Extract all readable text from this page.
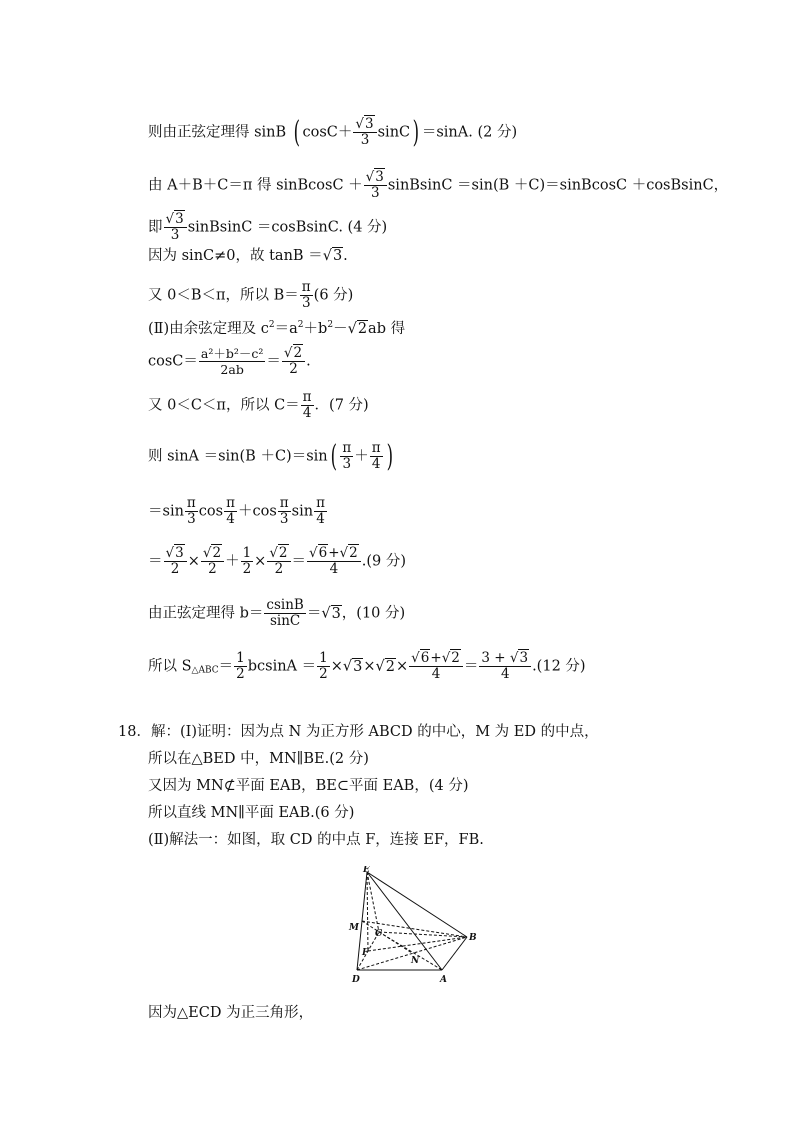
则由正弦定理得 sinB ( $\cos C+ \frac{√3}{3} \sin C) =\sin A$. (2 分)
由 A＋B＋C＝π 得 sinBcosC ＋ $\frac{√3}{3}$ sinBsinC ＝sin(B ＋C)＝sinBcosC ＋cosBsinC，
即 $\frac{√3}{3}$ sinBsinC ＝cosBsinC. (4 分)
因为 sinC≠0，故 tanB ＝√3.
又 0＜B＜π，所以 $B= \frac{\pi}{3} (6$ 分)
(Ⅱ)由余弦定理及 $c^2=a^2+b^2-√2ab$ 得
$\cos C= \frac{\text{a²＋b²－c²}}{2ab} = \frac{√2}{2}$ .
又 0＜C＜π，所以 $C= \frac{\pi}{4}$ ．(7 分)
则 $\sin A =\sin(B +C)=\sin( \frac{\pi}{3} + \frac{\pi}{4}$ )
$=\sin \frac{\pi}{3}$ $\cos \frac{\pi}{4} +\cos \frac{\pi}{3}$ $\sin \frac{\pi}{4}$
＝ $\frac{√3}{2} \times \frac{√2}{2} + \frac{1}{2} \times \frac{√2}{2} = \frac{√6+√2}{4} .(9$ 分)
由正弦定理得 $b= \frac{csinB}{\sin C} =√3$，(10 分)
所以 $S_{\triangle ABC}= \frac{1}{2}$ $bcsinA = \frac{1}{2} \times√3\times√2\times \frac{√6+√2}{4} = \frac{3 + √3}{4} .(12$ 分)
18．解：(Ⅰ)证明：因为点 N 为正方形 ABCD 的中心，M 为 ED 的中点，
所以在△BED 中，MN∥BE.(2 分)
又因为 MN⊄平面 EAB，BE⊂平面 EAB，(4 分)
所以直线 MN∥平面 EAB.(6 分)
(Ⅱ)解法一：如图，取 CD 的中点 F，连接 EF，FB.
E
M
C
F
N
B
D	A
因为△ECD 为正三角形，
